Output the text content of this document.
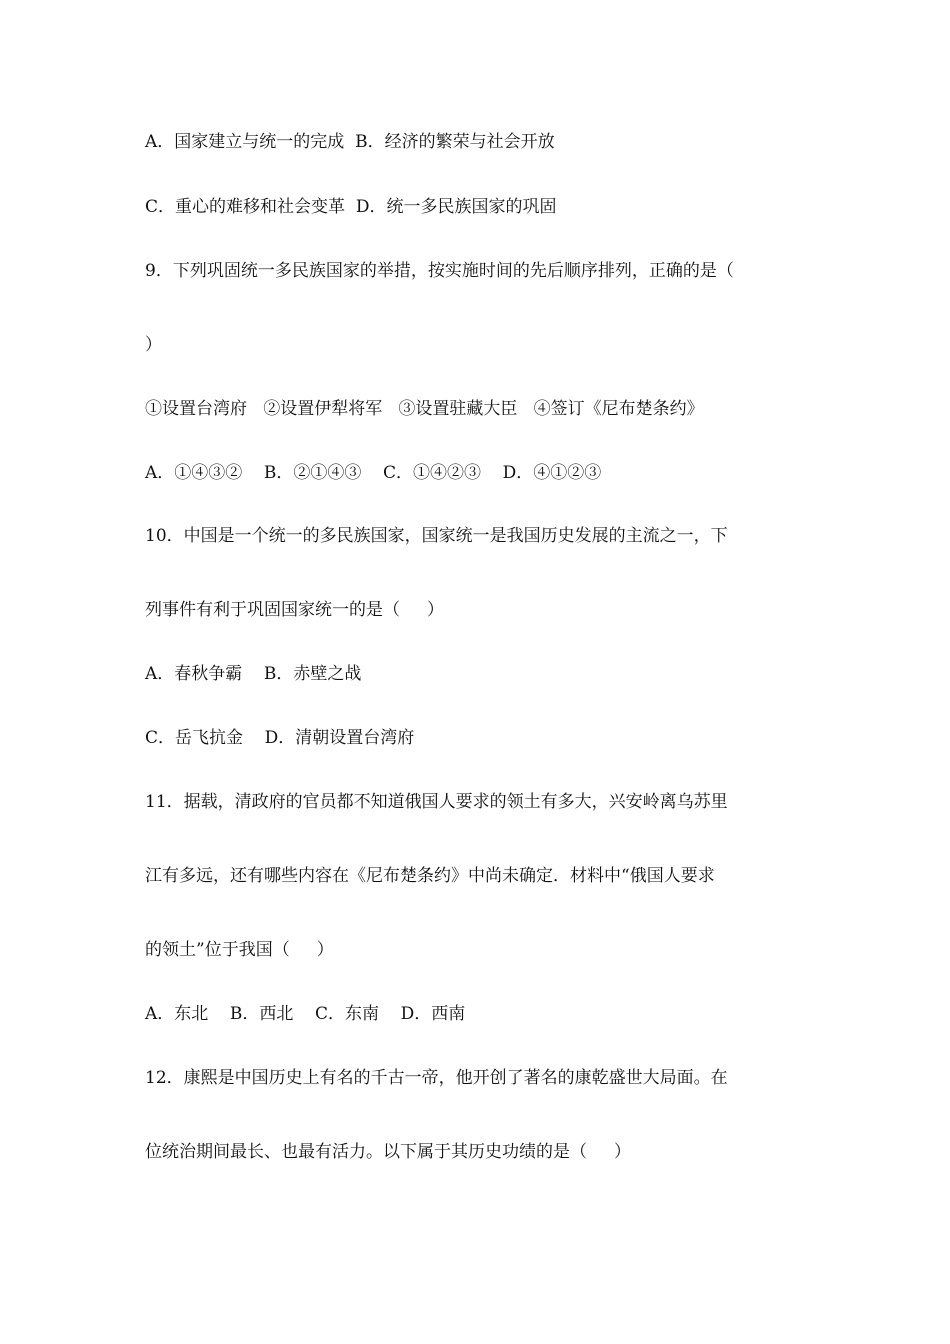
A．国家建立与统一的完成  B．经济的繁荣与社会开放
C．重心的难移和社会变革  D．统一多民族国家的巩固
9．下列巩固统一多民族国家的举措，按实施时间的先后顺序排列，正确的是（
）
①设置台湾府   ②设置伊犁将军   ③设置驻藏大臣   ④签订《尼布楚条约》
A．①④③②    B．②①④③    C．①④②③    D．④①②③
10．中国是一个统一的多民族国家，国家统一是我国历史发展的主流之一，下
列事件有利于巩固国家统一的是（     ）
A．春秋争霸    B．赤壁之战
C．岳飞抗金    D．清朝设置台湾府
11．据载，清政府的官员都不知道俄国人要求的领土有多大，兴安岭离乌苏里
江有多远，还有哪些内容在《尼布楚条约》中尚未确定．材料中“俄国人要求
的领土”位于我国（     ）
A．东北    B．西北    C．东南    D．西南
12．康熙是中国历史上有名的千古一帝，他开创了著名的康乾盛世大局面。在
位统治期间最长、也最有活力。以下属于其历史功绩的是（     ）
